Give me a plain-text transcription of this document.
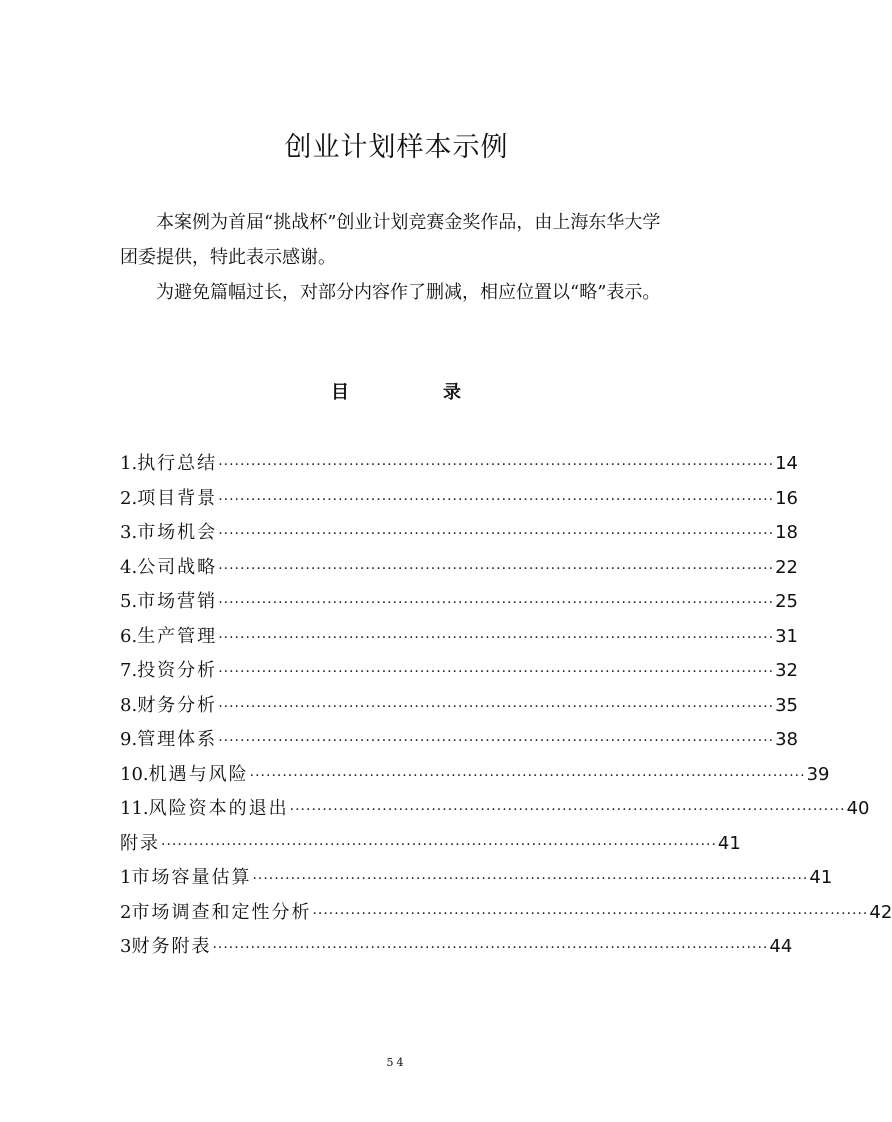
创业计划样本示例

本案例为首届“挑战杯”创业计划竞赛金奖作品，由上海东华大学团委提供，特此表示感谢。

为避免篇幅过长，对部分内容作了删减，相应位置以“略”表示。

目	录
1. 执行总结 ······································································································ 14
2. 项目背景 ······································································································ 16
3. 市场机会 ······································································································ 18
4. 公司战略 ······································································································ 22
5. 市场营销 ······································································································ 25
6. 生产管理 ······································································································ 31
7. 投资分析 ······································································································ 32
8. 财务分析 ······································································································ 35
9. 管理体系 ······································································································ 38
10. 机遇与风险 ······································································································ 39
11. 风险资本的退出 ······································································································ 40
附录 ······································································································ 41
1 市场容量估算 ······································································································ 41
2 市场调查和定性分析 ······································································································ 42
3 财务附表 ······································································································ 44
54
